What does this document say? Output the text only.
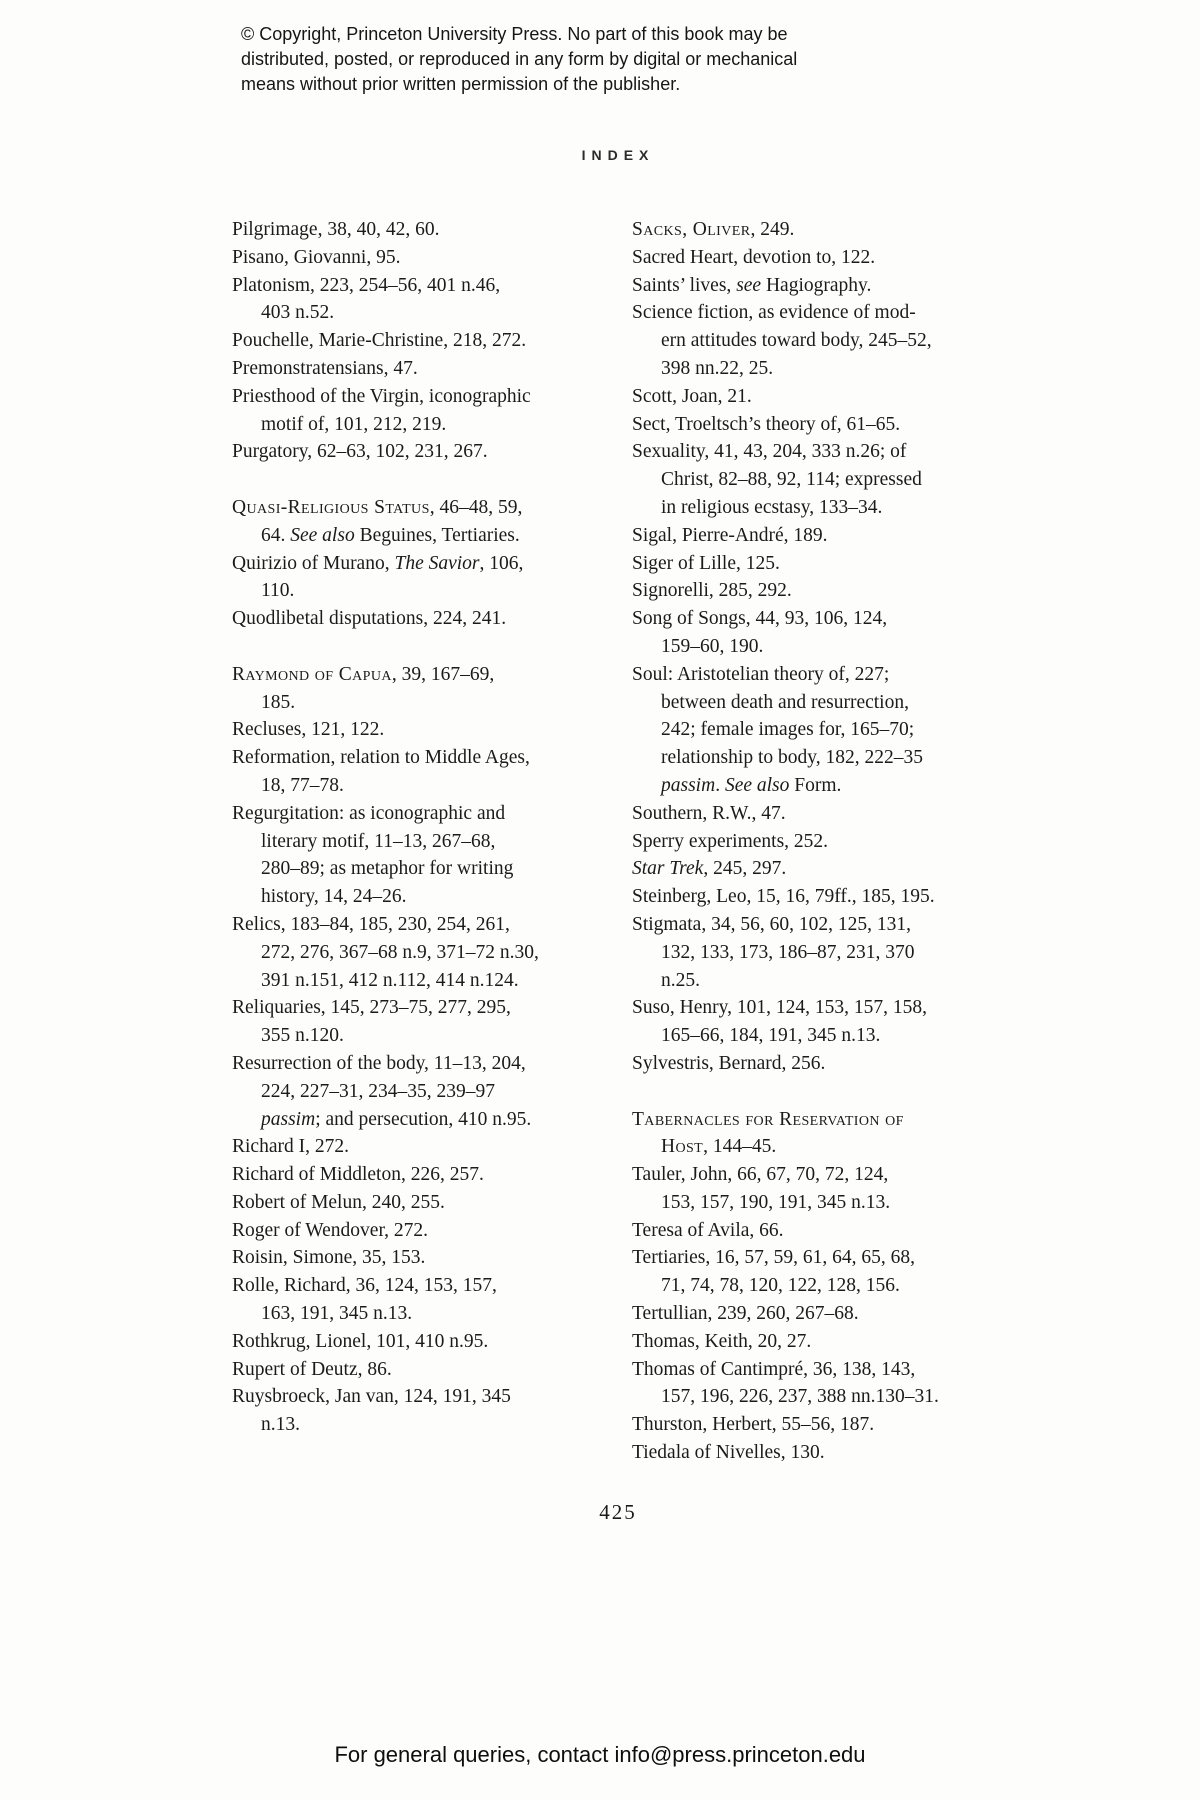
© Copyright, Princeton University Press. No part of this book may be
distributed, posted, or reproduced in any form by digital or mechanical
means without prior written permission of the publisher.
INDEX
Pilgrimage, 38, 40, 42, 60.
Pisano, Giovanni, 95.
Platonism, 223, 254–56, 401 n.46,
403 n.52.
Pouchelle, Marie-Christine, 218, 272.
Premonstratensians, 47.
Priesthood of the Virgin, iconographic
motif of, 101, 212, 219.
Purgatory, 62–63, 102, 231, 267.
Quasi-Religious Status, 46–48, 59,
64. See also Beguines, Tertiaries.
Quirizio of Murano, The Savior, 106,
110.
Quodlibetal disputations, 224, 241.
Raymond of Capua, 39, 167–69,
185.
Recluses, 121, 122.
Reformation, relation to Middle Ages,
18, 77–78.
Regurgitation: as iconographic and
literary motif, 11–13, 267–68,
280–89; as metaphor for writing
history, 14, 24–26.
Relics, 183–84, 185, 230, 254, 261,
272, 276, 367–68 n.9, 371–72 n.30,
391 n.151, 412 n.112, 414 n.124.
Reliquaries, 145, 273–75, 277, 295,
355 n.120.
Resurrection of the body, 11–13, 204,
224, 227–31, 234–35, 239–97
passim; and persecution, 410 n.95.
Richard I, 272.
Richard of Middleton, 226, 257.
Robert of Melun, 240, 255.
Roger of Wendover, 272.
Roisin, Simone, 35, 153.
Rolle, Richard, 36, 124, 153, 157,
163, 191, 345 n.13.
Rothkrug, Lionel, 101, 410 n.95.
Rupert of Deutz, 86.
Ruysbroeck, Jan van, 124, 191, 345
n.13.
Sacks, Oliver, 249.
Sacred Heart, devotion to, 122.
Saints’ lives, see Hagiography.
Science fiction, as evidence of mod-
ern attitudes toward body, 245–52,
398 nn.22, 25.
Scott, Joan, 21.
Sect, Troeltsch’s theory of, 61–65.
Sexuality, 41, 43, 204, 333 n.26; of
Christ, 82–88, 92, 114; expressed
in religious ecstasy, 133–34.
Sigal, Pierre-André, 189.
Siger of Lille, 125.
Signorelli, 285, 292.
Song of Songs, 44, 93, 106, 124,
159–60, 190.
Soul: Aristotelian theory of, 227;
between death and resurrection,
242; female images for, 165–70;
relationship to body, 182, 222–35
passim. See also Form.
Southern, R.W., 47.
Sperry experiments, 252.
Star Trek, 245, 297.
Steinberg, Leo, 15, 16, 79ff., 185, 195.
Stigmata, 34, 56, 60, 102, 125, 131,
132, 133, 173, 186–87, 231, 370
n.25.
Suso, Henry, 101, 124, 153, 157, 158,
165–66, 184, 191, 345 n.13.
Sylvestris, Bernard, 256.
Tabernacles for Reservation of
Host, 144–45.
Tauler, John, 66, 67, 70, 72, 124,
153, 157, 190, 191, 345 n.13.
Teresa of Avila, 66.
Tertiaries, 16, 57, 59, 61, 64, 65, 68,
71, 74, 78, 120, 122, 128, 156.
Tertullian, 239, 260, 267–68.
Thomas, Keith, 20, 27.
Thomas of Cantimpré, 36, 138, 143,
157, 196, 226, 237, 388 nn.130–31.
Thurston, Herbert, 55–56, 187.
Tiedala of Nivelles, 130.
425
For general queries, contact info@press.princeton.edu
